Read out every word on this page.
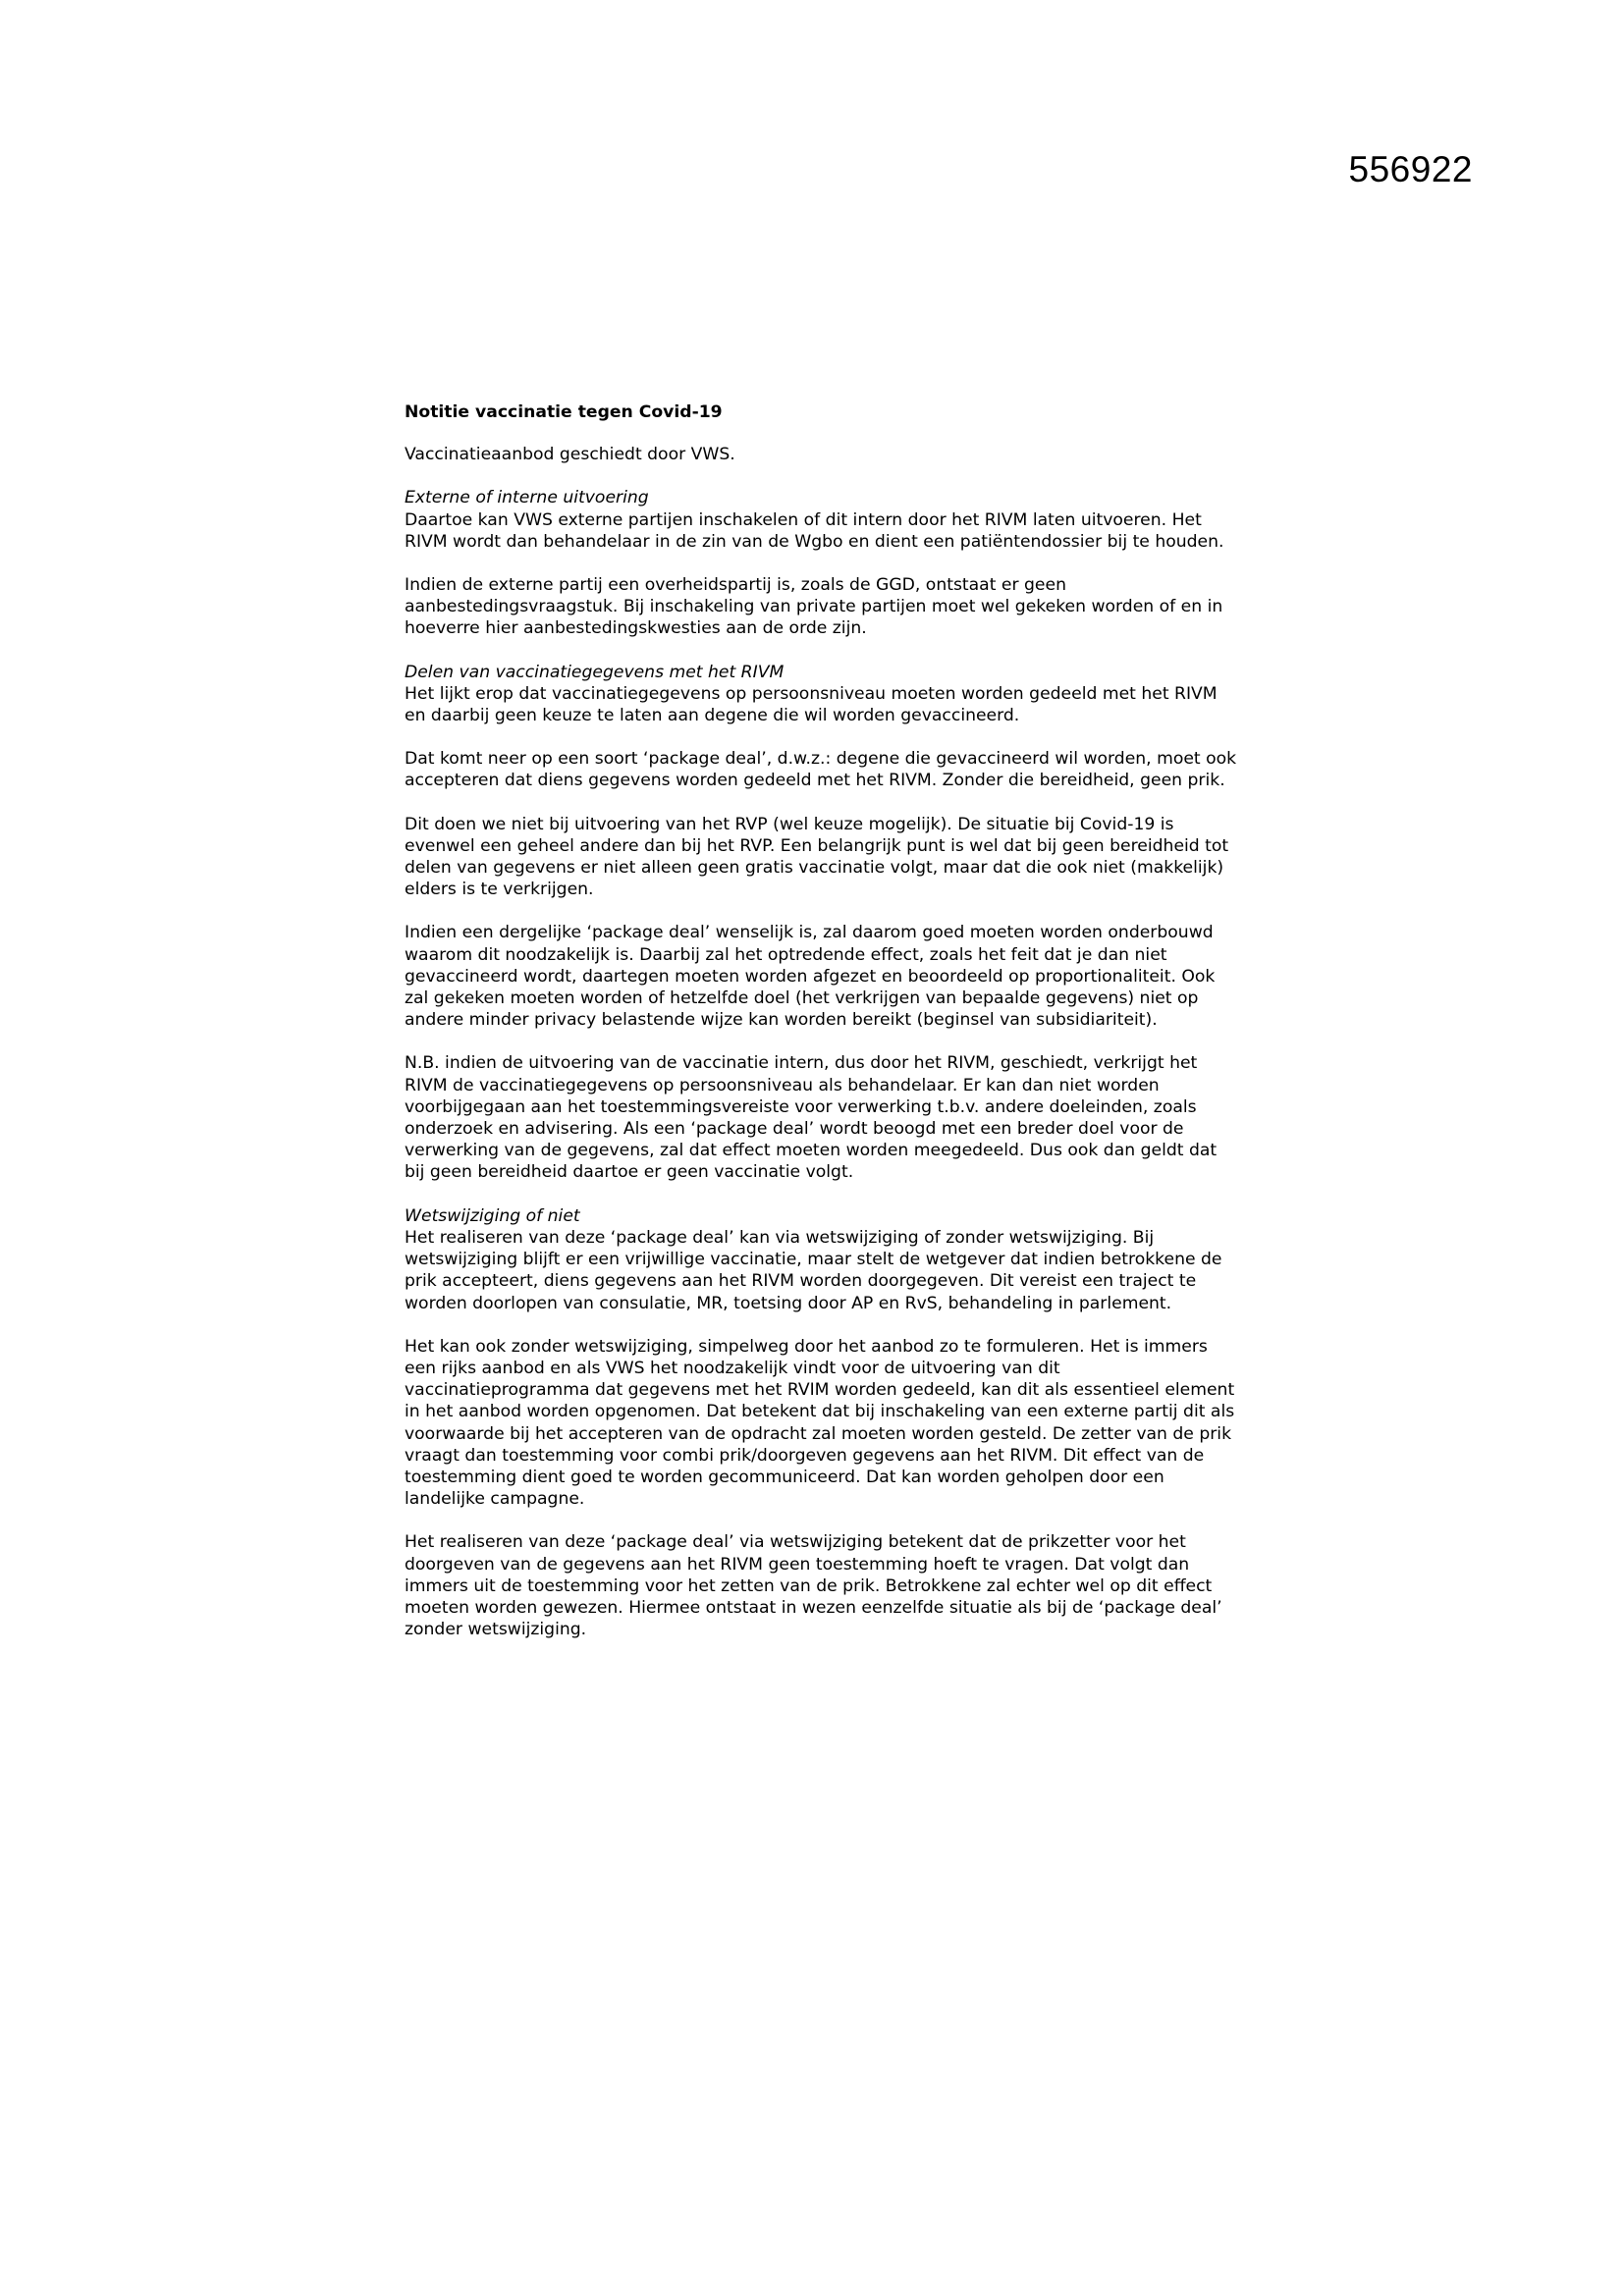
556922

Notitie vaccinatie tegen Covid-19

Vaccinatieaanbod geschiedt door VWS.

Externe of interne uitvoering
Daartoe kan VWS externe partijen inschakelen of dit intern door het RIVM laten uitvoeren. Het RIVM wordt dan behandelaar in de zin van de Wgbo en dient een patiëntendossier bij te houden.

Indien de externe partij een overheidspartij is, zoals de GGD, ontstaat er geen aanbestedingsvraagstuk. Bij inschakeling van private partijen moet wel gekeken worden of en in hoeverre hier aanbestedingskwesties aan de orde zijn.

Delen van vaccinatiegegevens met het RIVM
Het lijkt erop dat vaccinatiegegevens op persoonsniveau moeten worden gedeeld met het RIVM en daarbij geen keuze te laten aan degene die wil worden gevaccineerd.

Dat komt neer op een soort ‘package deal’, d.w.z.: degene die gevaccineerd wil worden, moet ook accepteren dat diens gegevens worden gedeeld met het RIVM. Zonder die bereidheid, geen prik.

Dit doen we niet bij uitvoering van het RVP (wel keuze mogelijk). De situatie bij Covid-19 is evenwel een geheel andere dan bij het RVP. Een belangrijk punt is wel dat bij geen bereidheid tot delen van gegevens er niet alleen geen gratis vaccinatie volgt, maar dat die ook niet (makkelijk) elders is te verkrijgen.

Indien een dergelijke ‘package deal’ wenselijk is, zal daarom goed moeten worden onderbouwd waarom dit noodzakelijk is. Daarbij zal het optredende effect, zoals het feit dat je dan niet gevaccineerd wordt, daartegen moeten worden afgezet en beoordeeld op proportionaliteit. Ook zal gekeken moeten worden of hetzelfde doel (het verkrijgen van bepaalde gegevens) niet op andere minder privacy belastende wijze kan worden bereikt (beginsel van subsidiariteit).

N.B. indien de uitvoering van de vaccinatie intern, dus door het RIVM, geschiedt, verkrijgt het RIVM de vaccinatiegegevens op persoonsniveau als behandelaar. Er kan dan niet worden voorbijgegaan aan het toestemmingsvereiste voor verwerking t.b.v. andere doeleinden, zoals onderzoek en advisering. Als een ‘package deal’ wordt beoogd met een breder doel voor de verwerking van de gegevens, zal dat effect moeten worden meegedeeld. Dus ook dan geldt dat bij geen bereidheid daartoe er geen vaccinatie volgt.

Wetswijziging of niet
Het realiseren van deze ‘package deal’ kan via wetswijziging of zonder wetswijziging. Bij wetswijziging blijft er een vrijwillige vaccinatie, maar stelt de wetgever dat indien betrokkene de prik accepteert, diens gegevens aan het RIVM worden doorgegeven. Dit vereist een traject te worden doorlopen van consulatie, MR, toetsing door AP en RvS, behandeling in parlement.

Het kan ook zonder wetswijziging, simpelweg door het aanbod zo te formuleren. Het is immers een rijks aanbod en als VWS het noodzakelijk vindt voor de uitvoering van dit vaccinatieprogramma dat gegevens met het RVIM worden gedeeld, kan dit als essentieel element in het aanbod worden opgenomen. Dat betekent dat bij inschakeling van een externe partij dit als voorwaarde bij het accepteren van de opdracht zal moeten worden gesteld. De zetter van de prik vraagt dan toestemming voor combi prik/doorgeven gegevens aan het RIVM. Dit effect van de toestemming dient goed te worden gecommuniceerd. Dat kan worden geholpen door een landelijke campagne.

Het realiseren van deze ‘package deal’ via wetswijziging betekent dat de prikzetter voor het doorgeven van de gegevens aan het RIVM geen toestemming hoeft te vragen. Dat volgt dan immers uit de toestemming voor het zetten van de prik. Betrokkene zal echter wel op dit effect moeten worden gewezen. Hiermee ontstaat in wezen eenzelfde situatie als bij de ‘package deal’ zonder wetswijziging.
